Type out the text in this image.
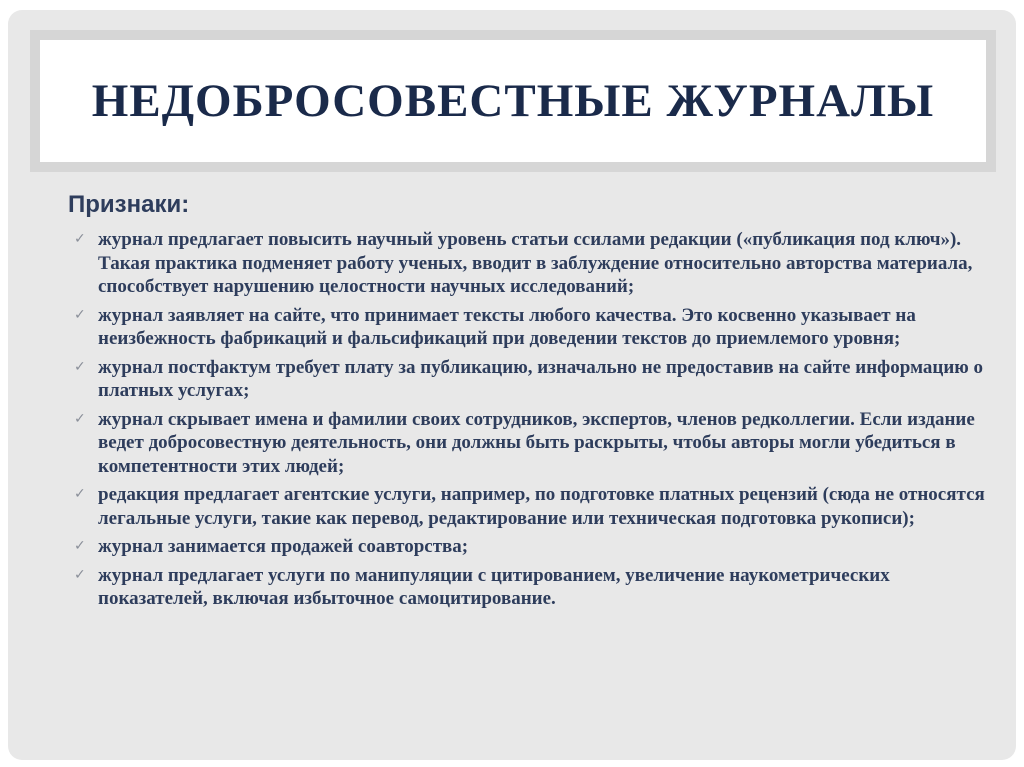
НЕДОБРОСОВЕСТНЫЕ ЖУРНАЛЫ
Признаки:
✓ журнал предлагает повысить научный уровень статьи ссилами редакции («публикация под ключ»). Такая практика подменяет работу ученых, вводит в заблуждение относительно авторства материала, способствует нарушению целостности научных исследований;
✓ журнал заявляет на сайте, что принимает тексты любого качества. Это косвенно указывает на неизбежность фабрикаций и фальсификаций при доведении текстов до приемлемого уровня;
✓ журнал постфактум требует плату за публикацию, изначально не предоставив на сайте информацию о платных услугах;
✓ журнал скрывает имена и фамилии своих сотрудников, экспертов, членов редколлегии. Если издание ведет добросовестную деятельность, они должны быть раскрыты, чтобы авторы могли убедиться в компетентности этих людей;
✓ редакция предлагает агентские услуги, например, по подготовке платных рецензий (сюда не относятся легальные услуги, такие как перевод, редактирование или техническая подготовка рукописи);
✓ журнал занимается продажей соавторства;
✓ журнал предлагает услуги по манипуляции с цитированием, увеличение наукометрических показателей, включая избыточное самоцитирование.
